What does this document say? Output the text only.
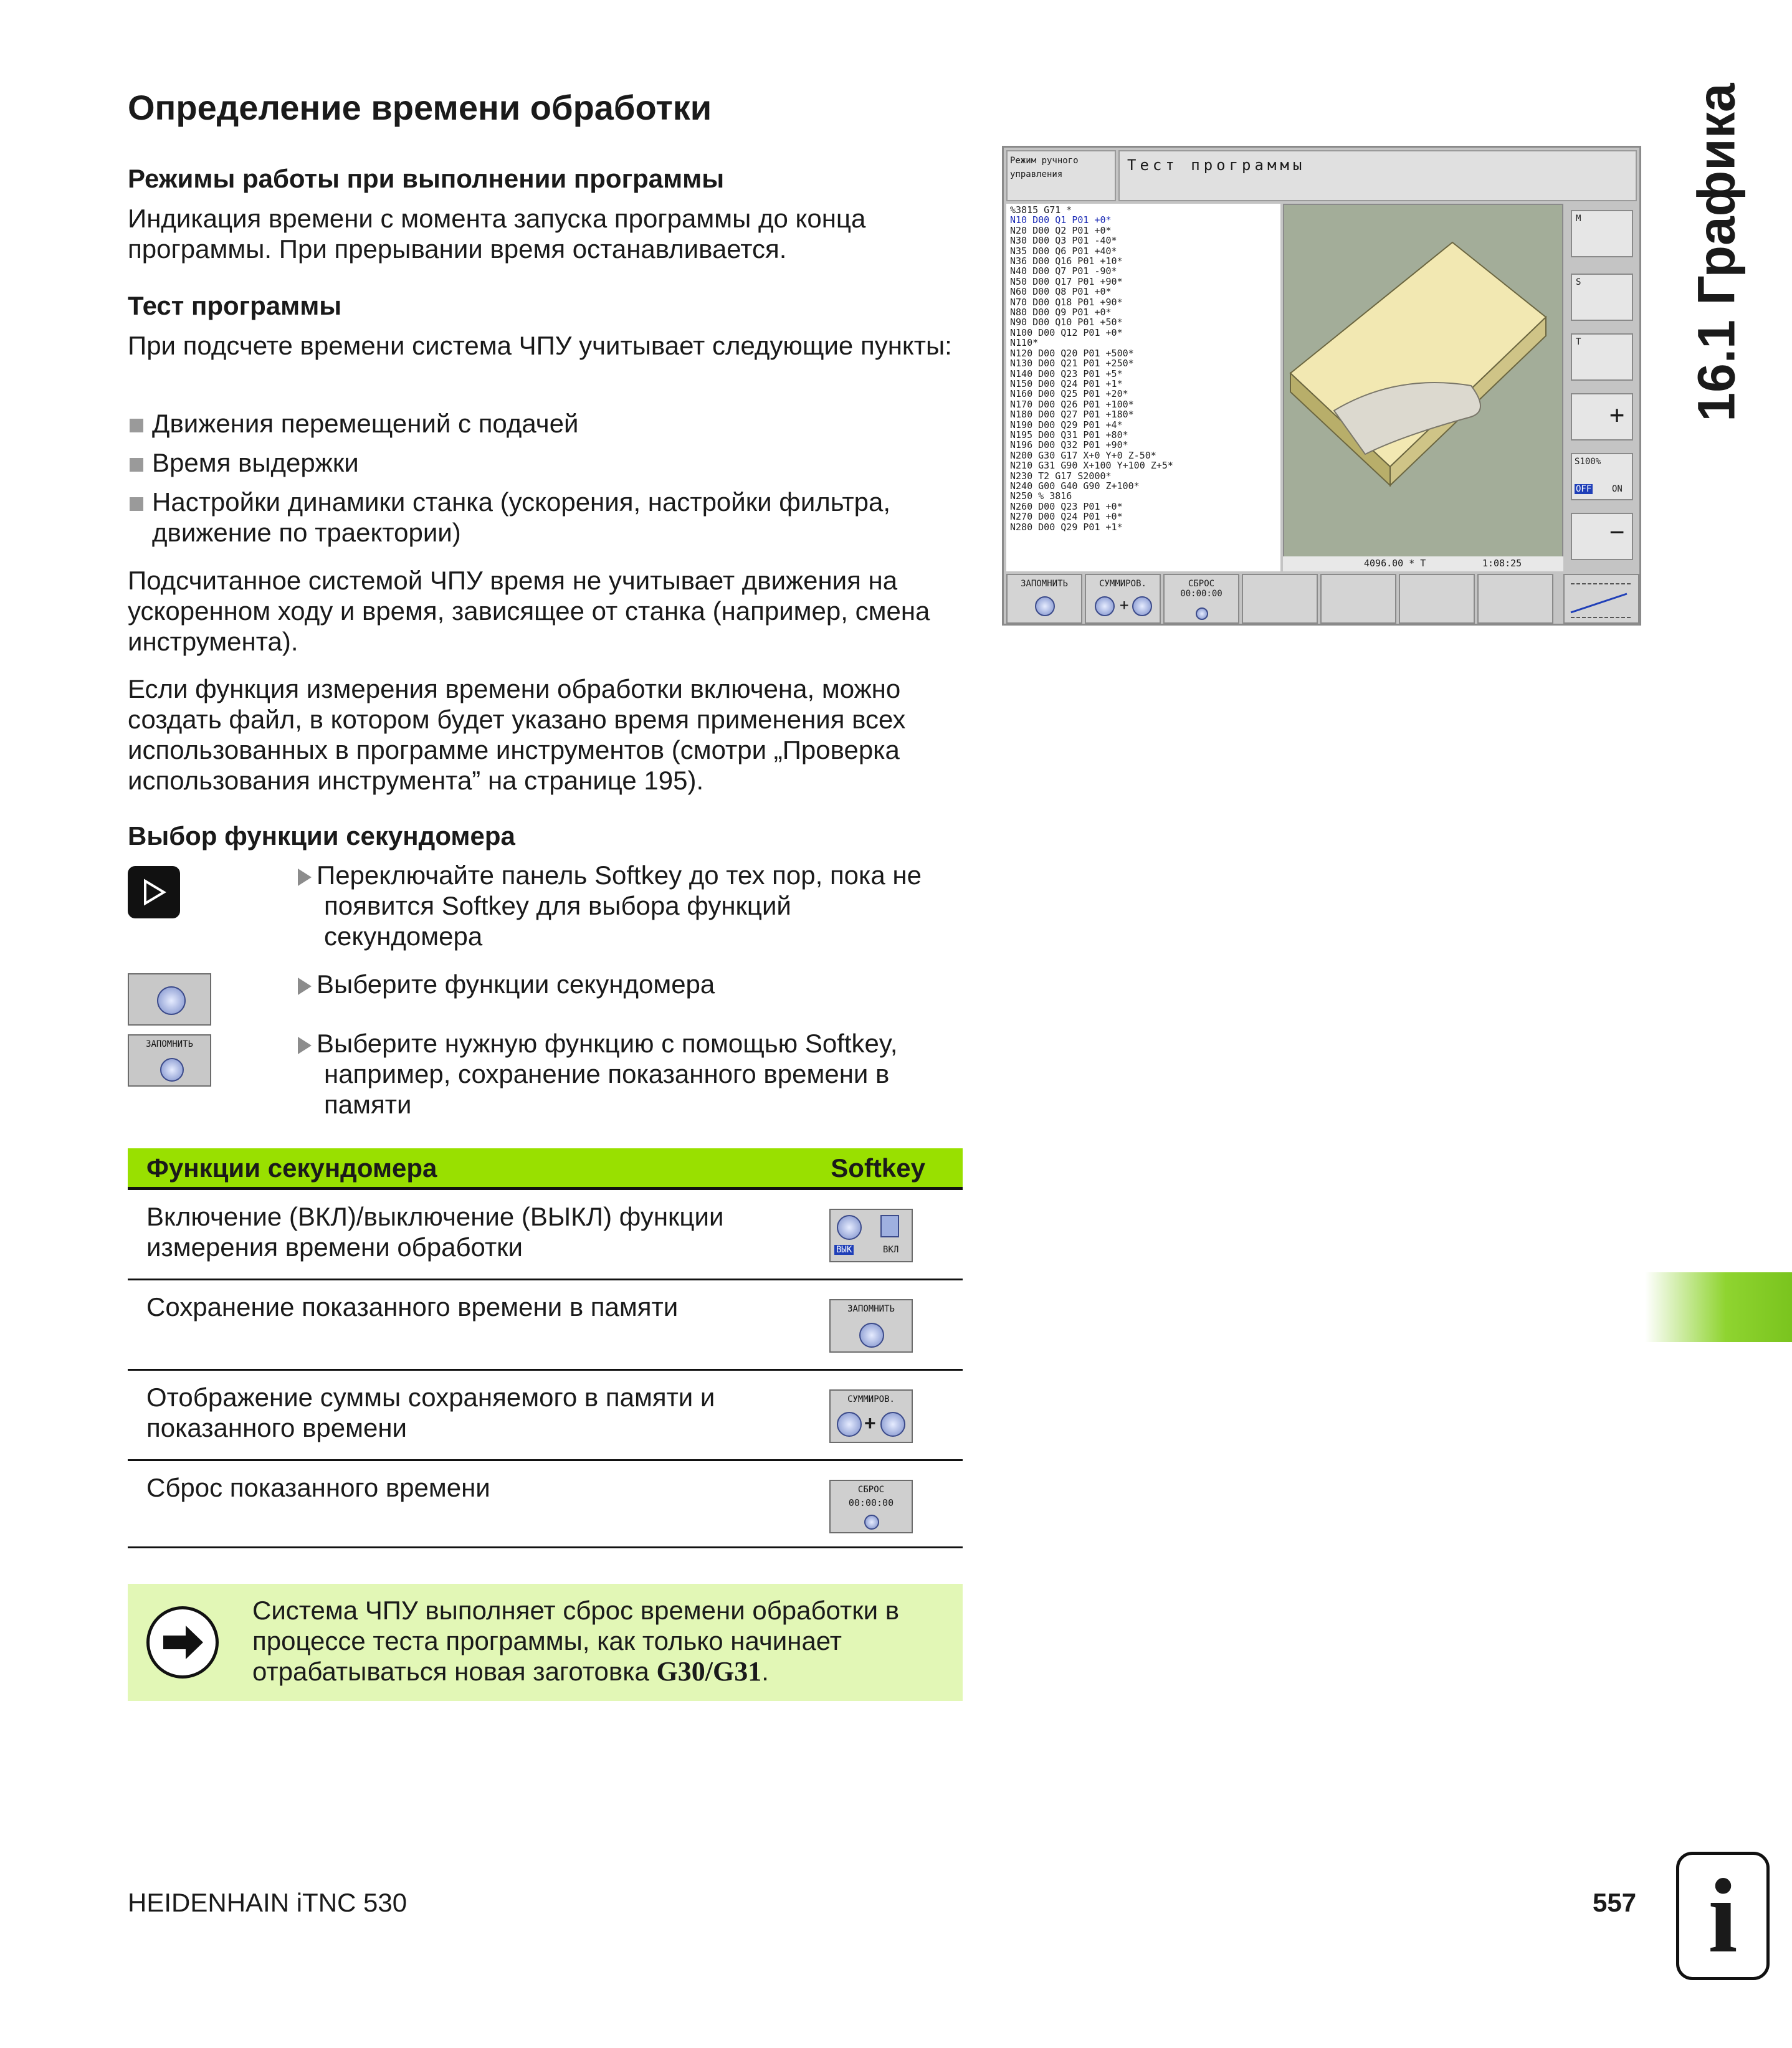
Определение времени обработки
Режимы работы при выполнении программы

Индикация времени с момента запуска программы до конца программы. При прерывании время останавливается.

Тест программы

При подсчете времени система ЧПУ учитывает следующие пункты:

Движения перемещений с подачей
Время выдержки
Настройки динамики станка (ускорения, настройки фильтра,
движение по траектории)

Подсчитанное системой ЧПУ время не учитывает движения на ускоренном ходу и время, зависящее от станка (например, смена инструмента).

Если функция измерения времени обработки включена, можно создать файл, в котором будет указано время применения всех использованных в программе инструментов (смотри „Проверка использования инструмента” на странице 195).

Выбор функции секундомера
Переключайте панель Softkey до тех пор, пока не
появится Softkey для выбора функций
секундомера
Выберите функции секундомера
ЗАПОМНИТЬ	Выберите нужную функцию с помощью Softkey,
например, сохранение показанного времени в
памяти
Функции секундомера	Softkey
Включение (ВКЛ)/выключение (ВЫКЛ) функции измерения времени обработки	ВЫК	ВКЛ
Сохранение показанного времени в памяти	ЗАПОМНИТЬ
Отображение суммы сохраняемого в памяти и показанного времени
СУММИРОВ.
+
Сброс показанного времени	СБРОС
00:00:00
Система ЧПУ выполняет сброс времени обработки в процессе теста программы, как только начинает отрабатываться новая заготовка G30/G31.
16.1 Графика
HEIDENHAIN iTNC 530	557 i
Режим ручного управления
Тест программы
%3815 G71 *
N10 D00 Q1 P01 +0*
N20 D00 Q2 P01 +0*
N30 D00 Q3 P01 -40*
N35 D00 Q6 P01 +40*
N36 D00 Q16 P01 +10*
N40 D00 Q7 P01 -90*
N50 D00 Q17 P01 +90*
N60 D00 Q8 P01 +0*
N70 D00 Q18 P01 +90*
N80 D00 Q9 P01 +0*
N90 D00 Q10 P01 +50*
N100 D00 Q12 P01 +0*
N110*
N120 D00 Q20 P01 +500*
N130 D00 Q21 P01 +250*
N140 D00 Q23 P01 +5*
N150 D00 Q24 P01 +1*
N160 D00 Q25 P01 +20*
N170 D00 Q26 P01 +100*
N180 D00 Q27 P01 +180*
N190 D00 Q29 P01 +4*
N195 D00 Q31 P01 +80*
N196 D00 Q32 P01 +90*
N200 G30 G17 X+0 Y+0 Z-50*
N210 G31 G90 X+100 Y+100 Z+5*
N230 T2 G17 S2000*
N240 G00 G40 G90 Z+100*
N250 % 3816
N260 D00 Q23 P01 +0*
N270 D00 Q24 P01 +0*
N280 D00 Q29 P01 +1*
4096.00 * T	1:08:25
M
S
T
+
S100%
OFF ON
−
ЗАПОМНИТЬ	СУММИРОВ.
+
СБРОС
00:00:00
